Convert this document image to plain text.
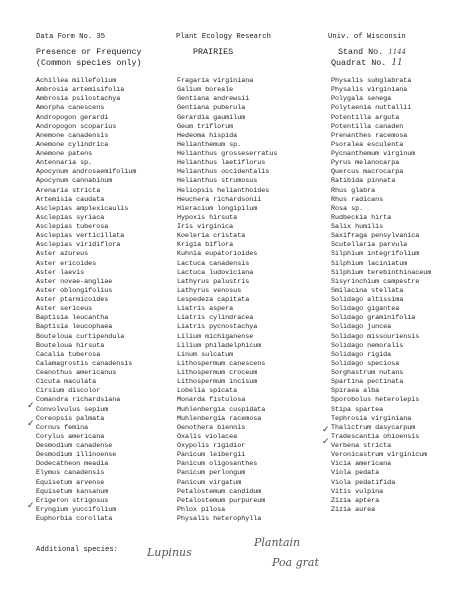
Data Form No. 35	Plant Ecology Research	Univ. of Wisconsin
Presence or Frequency
(Common species only)
PRAIRIES	Stand No. 1144
Quadrat No. 11
Achillea millefolium
Ambrosia artemisifolia
Ambrosia psilostachya
Amorpha canescens
Andropogon gerardi
Andropogon scoparius
Anemone canadensis
Anemone cylindrica
Anemone patens
Antennaria sp.
Apocynum androsaemifolium
Apocynum cannabinum
Arenaria stricta
Artemisia caudata
Asclepias amplexicaulis
Asclepias syriaca
Asclepias tuberosa
Asclepias verticillata
Asclepias viridiflora
Aster azureus
Aster ericoides
Aster laevis
Aster novae-angliae
Aster oblongifolius
Aster ptarmicoides
Aster sericeus
Baptisia leucantha
Baptisia leucophaea
Bouteloua curtipendula
Bouteloua hirsuta
Cacalia tuberosa
Calamagrostis canadensis
Ceanothus americanus
Cicuta maculata
Cirsium discolor
Comandra richardsiana
Convolvulus sepium
Coreopsis palmata
Cornus femina
Corylus americana
Desmodium canadense
Desmodium illinoense
Dodecatheon meadia
Elymus canadensis
Equisetum arvense
Equisetum kansanum
Erigeron strigosus
Eryngium yuccifolium
Euphorbia corollata
Fragaria virginiana
Galium boreale
Gentiana andrewsii
Gentiana puberula
Gerardia gaumilum
Geum triflorum
Hedeoma hispida
Helianthemum sp.
Helianthus grosseserratus
Helianthus laetiflorus
Helianthus occidentalis
Helianthus strumosus
Heliopsis helianthoides
Heuchera richardsonii
Hieracium longipilum
Hypoxis hirsuta
Iris virginica
Koeleria cristata
Krigia biflora
Kuhnia eupatorioides
Lactuca canadensis
Lactuca ludoviciana
Lathyrus palustris
Lathyrus venosus
Lespedeza capitata
Liatris aspera
Liatris cylindracea
Liatris pycnostachya
Lilium michiganense
Lilium philadelphicum
Linum sulcatum
Lithospermum canescens
Lithospermum croceum
Lithospermum incisum
Lobelia spicata
Monarda fistulosa
Muhlenbergia cuspidata
Muhlenbergia racemosa
Oenothera biennis
Oxalis violacea
Oxypolis rigidior
Panicum leibergii
Panicum oligosanthes
Panicum perlongum
Panicum virgatum
Petalostemum candidum
Petalostemum purpureum
Phlox pilosa
Physalis heterophylla
Physalis subglabrata
Physalis virginiana
Polygala senega
Polytaenia nuttallii
Potentilla arguta
Potentilla canaden
Prenanthes racemosa
Psoralea esculenta
Pycnanthemum virginum
Pyrus melanocarpa
Quercus macrocarpa
Ratibida pinnata
Rhus glabra
Rhus radicans
Rosa sp.
Rudbeckia hirta
Salix humilis
Saxifraga pensylvanica
Scutellaria parvula
Silphium integrifolium
Silphium laciniatum
Silphium terebinthinaceum
Sisyrinchium campestre
Smilacina stellata
Solidago altissima
Solidago gigantea
Solidago graminifolia
Solidago juncea
Solidago missouriensis
Solidago nemoralis
Solidago rigida
Solidago speciosa
Sorghastrum nutans
Spartina pectinata
Spiraea alba
Sporobolus heterolepis
Stipa spartea
Tephrosia virginiana
Thalictrum dasycarpum
Tradescantia ohioensis
Verbena stricta
Veronicastrum virginicum
Vicia americana
Viola pedata
Viola pedatifida
Vitis vulpina
Zizia aptera
Zizia aurea
✓
✓
✓
✓
✓
Additional species:	Lupinus
Plantain
Poa grat
